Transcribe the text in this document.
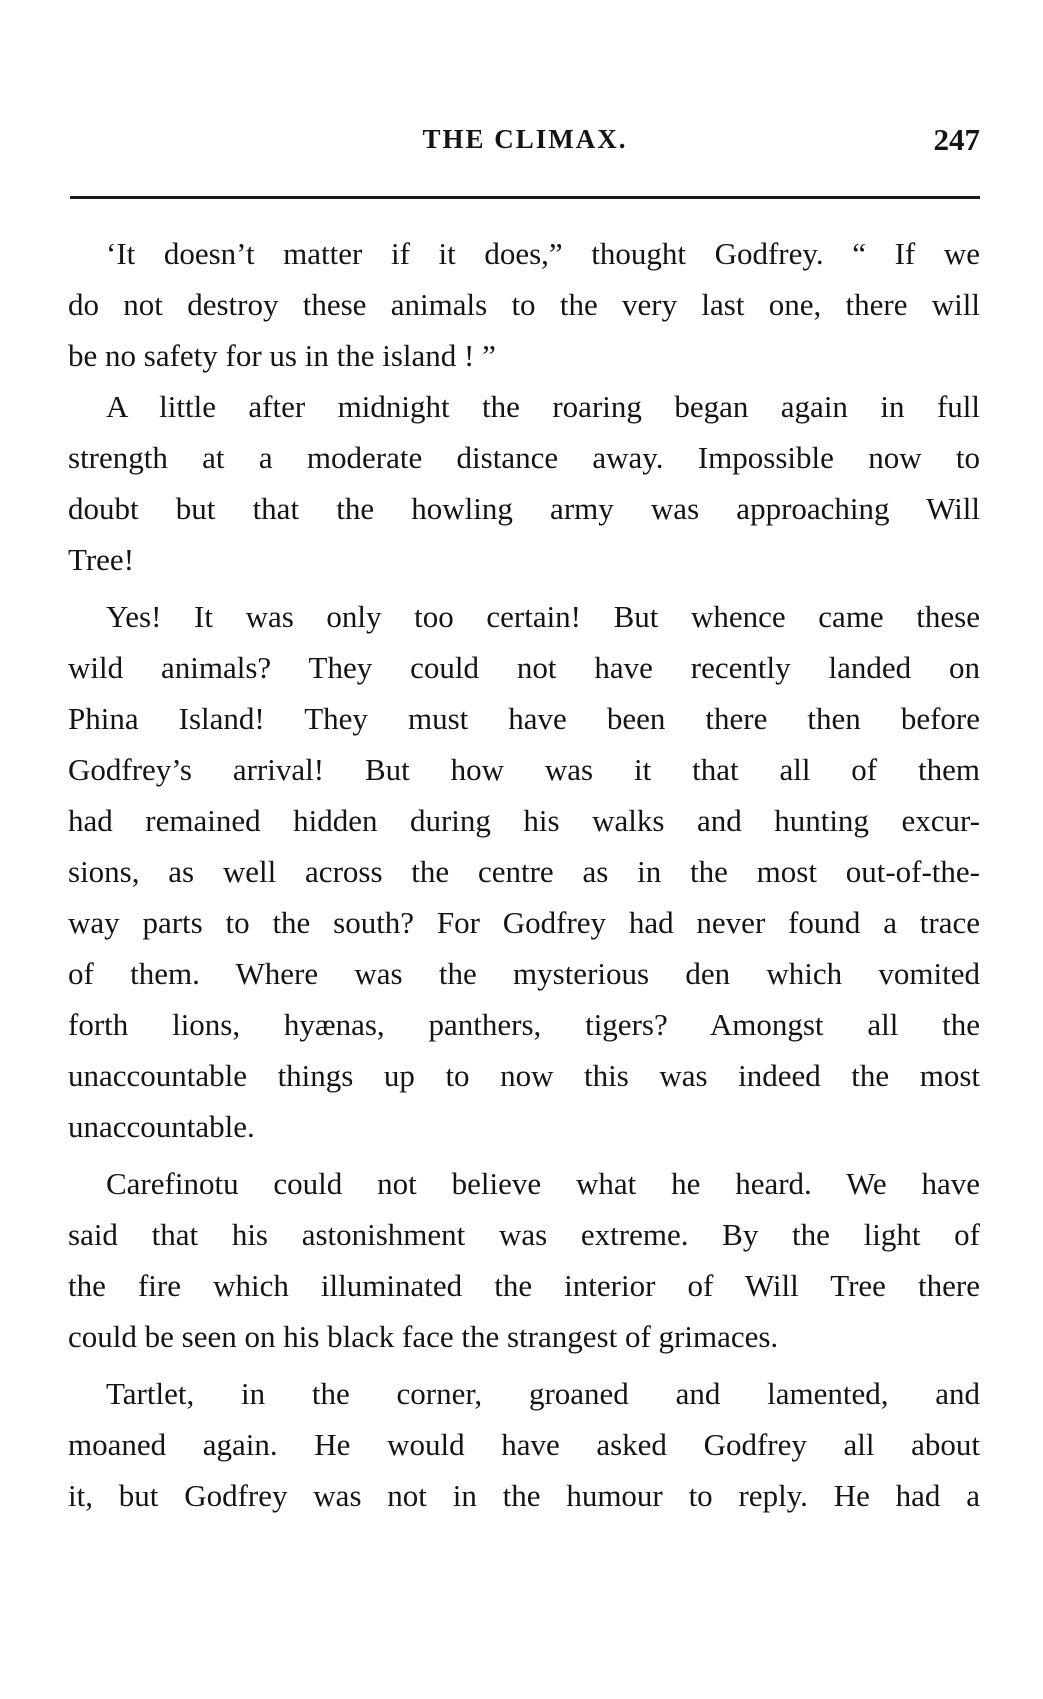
THE CLIMAX.	247
‘It doesn’t matter if it does,” thought Godfrey. “ If we
do not destroy these animals to the very last one, there will
be no safety for us in the island ! ”
A little after midnight the roaring began again in full
strength at a moderate distance away. Impossible now to
doubt but that the howling army was approaching Will
Tree!
Yes! It was only too certain! But whence came these
wild animals? They could not have recently landed on
Phina Island! They must have been there then before
Godfrey’s arrival! But how was it that all of them
had remained hidden during his walks and hunting excur-
sions, as well across the centre as in the most out-of-the-
way parts to the south? For Godfrey had never found a trace
of them. Where was the mysterious den which vomited
forth lions, hyænas, panthers, tigers? Amongst all the
unaccountable things up to now this was indeed the most
unaccountable.
Carefinotu could not believe what he heard. We have
said that his astonishment was extreme. By the light of
the fire which illuminated the interior of Will Tree there
could be seen on his black face the strangest of grimaces.
Tartlet, in the corner, groaned and lamented, and
moaned again. He would have asked Godfrey all about
it, but Godfrey was not in the humour to reply. He had a
